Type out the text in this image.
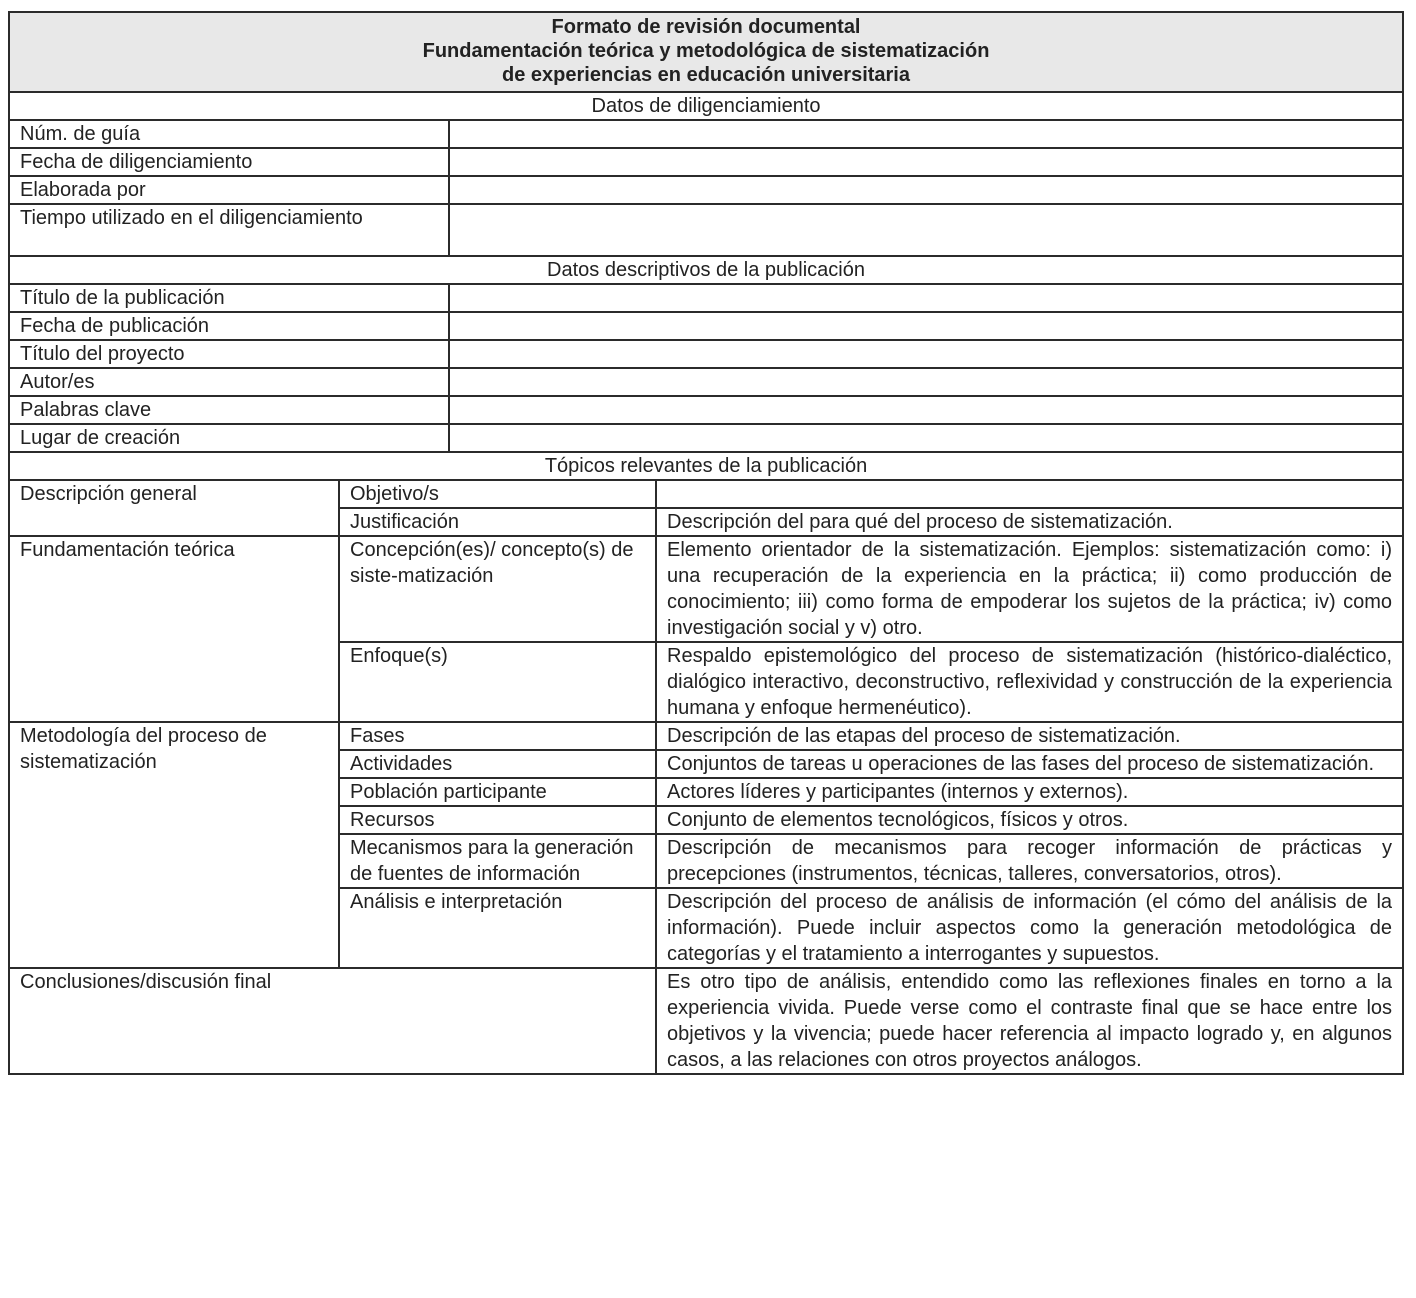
Formato de revisión documental
Fundamentación teórica y metodológica de sistematización
de experiencias en educación universitaria			

Datos de diligenciamiento			
Núm. de guía			
Fecha de diligenciamiento			
Elaborada por			
Tiempo utilizado en el diligenciamiento			
Datos descriptivos de la publicación			
Título de la publicación			
Fecha de publicación			
Título del proyecto			
Autor/es			
Palabras clave			
Lugar de creación			
Tópicos relevantes de la publicación			
Descripción general	Objetivo/s		
	Justificación		Descripción del para qué del proceso de sistematización.
Fundamentación teórica	Concepción(es)/ concepto(s) de siste-matización		Elemento orientador de la sistematización. Ejemplos: sistematización como: i) una recuperación de la experiencia en la práctica; ii) como producción de conocimiento; iii) como forma de empoderar los sujetos de la práctica; iv) como investigación social y v) otro.
	Enfoque(s)		Respaldo epistemológico del proceso de sistematización (histórico-dialéctico, dialógico interactivo, deconstructivo, reflexividad y construcción de la experiencia humana y enfoque hermenéutico).
Metodología del proceso de sistematización	Fases		Descripción de las etapas del proceso de sistematización.
	Actividades		Conjuntos de tareas u operaciones de las fases del proceso de sistematización.
	Población participante		Actores líderes y participantes (internos y externos).
	Recursos		Conjunto de elementos tecnológicos, físicos y otros.
	Mecanismos para la generación de fuentes de información		Descripción de mecanismos para recoger información de prácticas y precepciones (instrumentos, técnicas, talleres, conversatorios, otros).
	Análisis e interpretación		Descripción del proceso de análisis de información (el cómo del análisis de la información). Puede incluir aspectos como la generación metodológica de categorías y el tratamiento a interrogantes y supuestos.
Conclusiones/discusión final			Es otro tipo de análisis, entendido como las reflexiones finales en torno a la experiencia vivida. Puede verse como el contraste final que se hace entre los objetivos y la vivencia; puede hacer referencia al impacto logrado y, en algunos casos, a las relaciones con otros proyectos análogos.
